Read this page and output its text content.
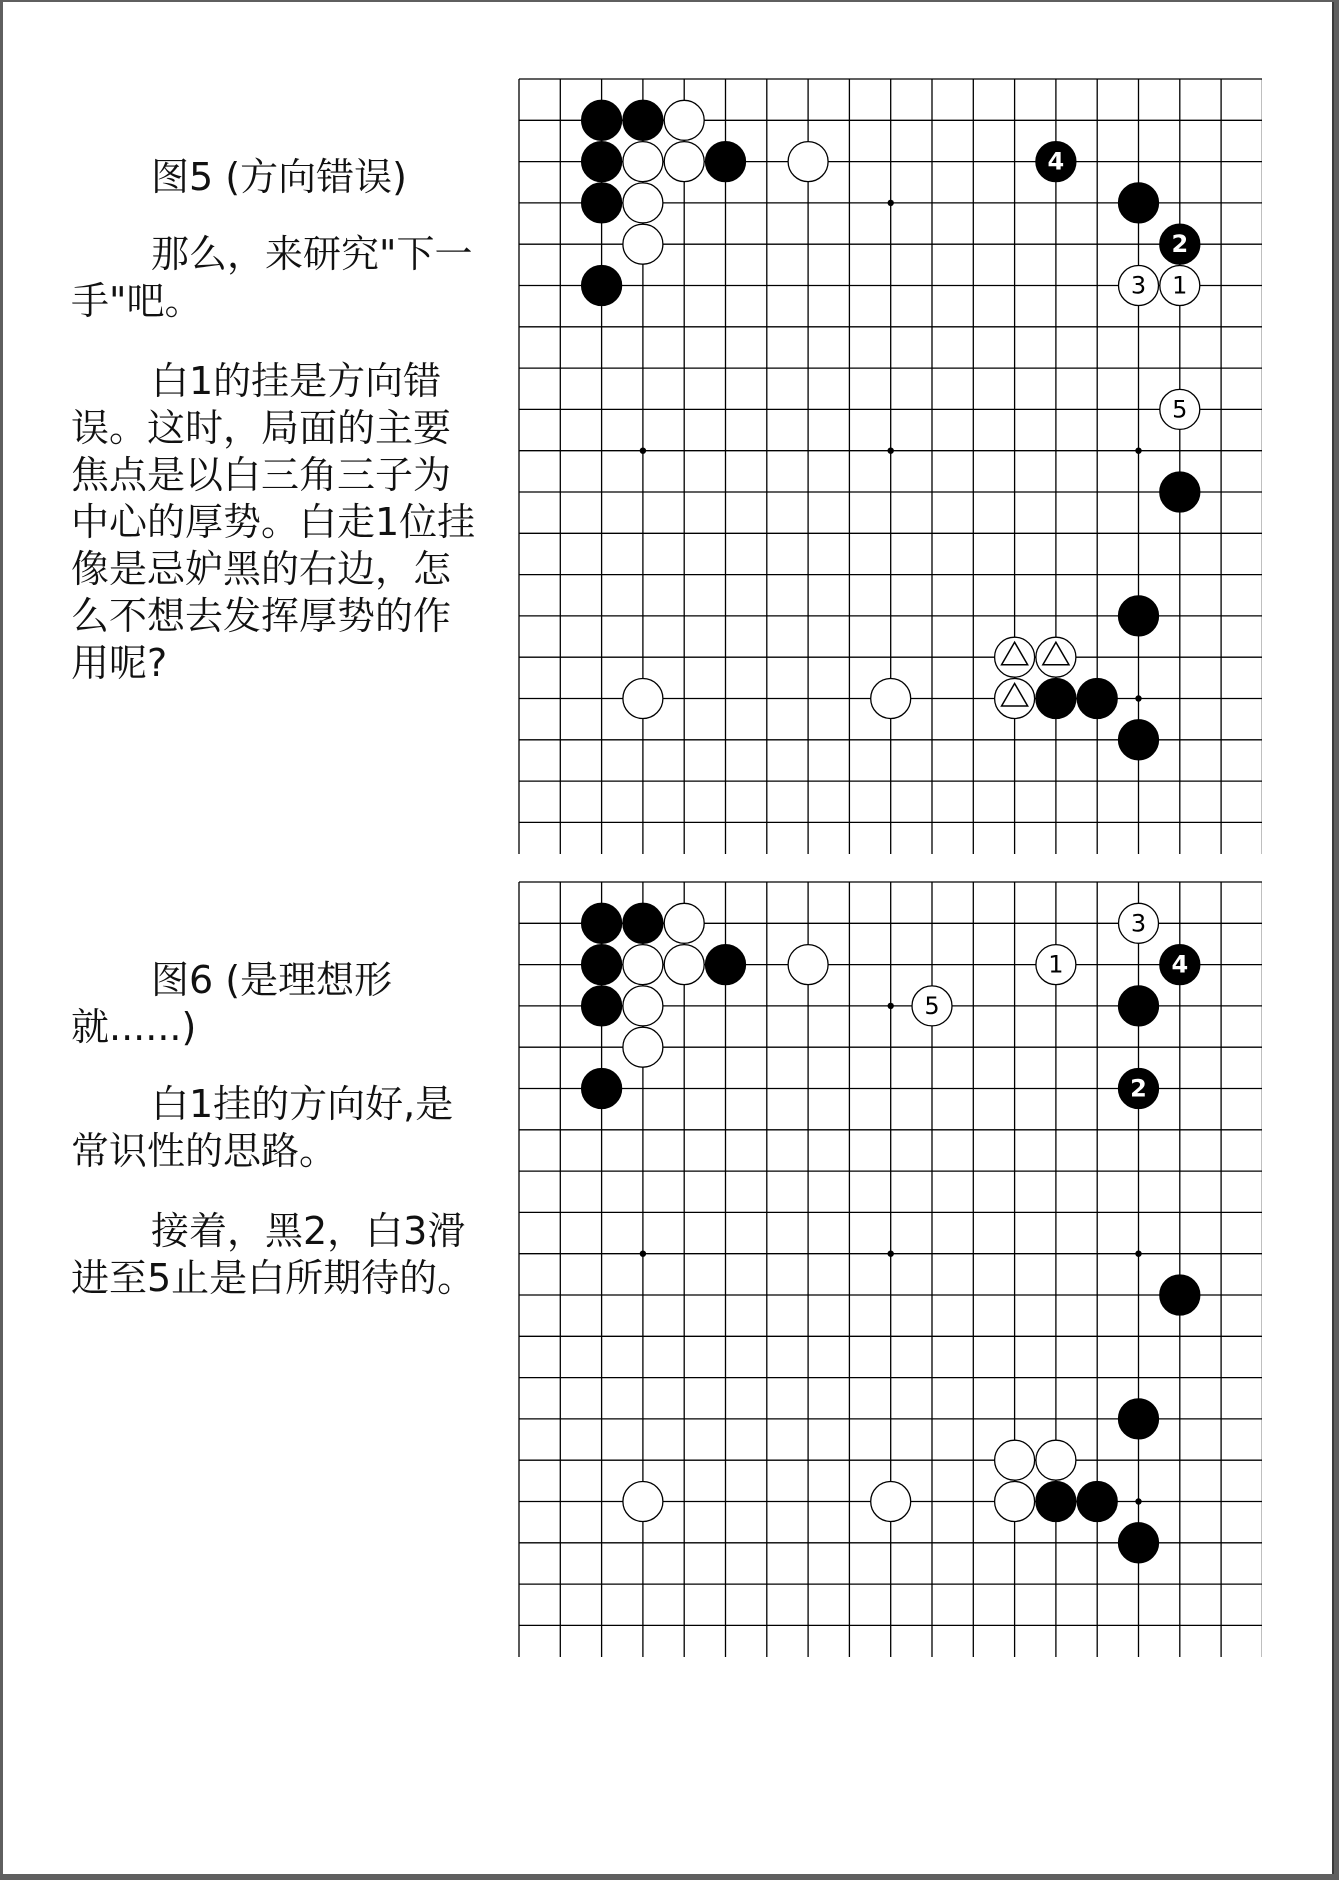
图5 (方向错误)

那么，来研究"下一手"吧。

白1的挂是方向错误。这时，局面的主要焦点是以白三角三子为中心的厚势。白走1位挂像是忌妒黑的右边，怎么不想去发挥厚势的作用呢?

4
2
3 1
5

图6 (是理想形就......)

白1挂的方向好,是常识性的思路。

接着，黑2，白3滑进至5止是白所期待的。

3
1	4
5
2
